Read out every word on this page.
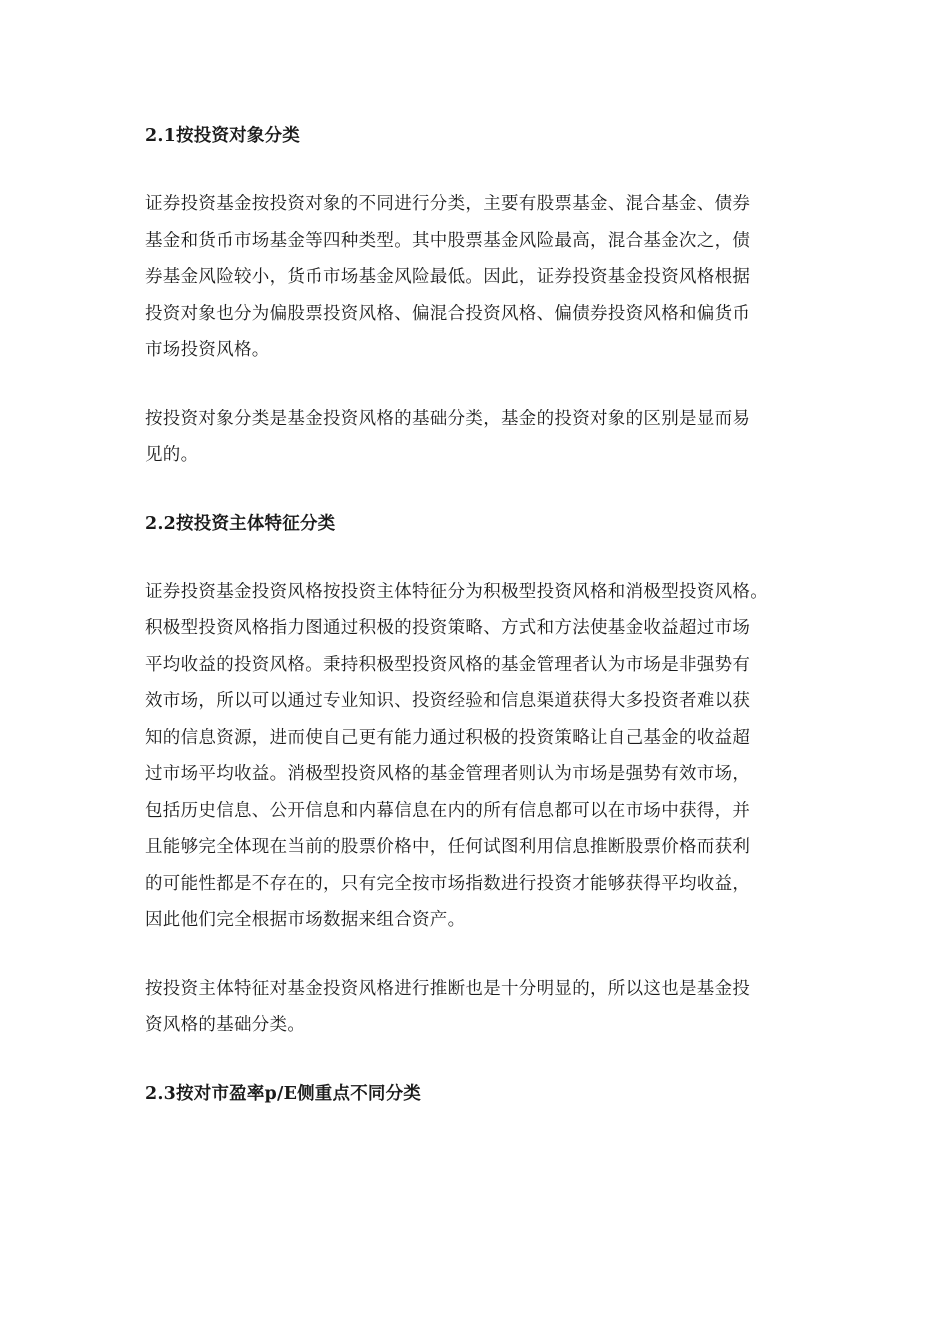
2.1按投资对象分类

证券投资基金按投资对象的不同进行分类，主要有股票基金、混合基金、债券
基金和货币市场基金等四种类型。其中股票基金风险最高，混合基金次之，债
券基金风险较小，货币市场基金风险最低。因此，证券投资基金投资风格根据
投资对象也分为偏股票投资风格、偏混合投资风格、偏债券投资风格和偏货币
市场投资风格。

按投资对象分类是基金投资风格的基础分类，基金的投资对象的区别是显而易
见的。

2.2按投资主体特征分类

证券投资基金投资风格按投资主体特征分为积极型投资风格和消极型投资风格。
积极型投资风格指力图通过积极的投资策略、方式和方法使基金收益超过市场
平均收益的投资风格。秉持积极型投资风格的基金管理者认为市场是非强势有
效市场，所以可以通过专业知识、投资经验和信息渠道获得大多投资者难以获
知的信息资源，进而使自己更有能力通过积极的投资策略让自己基金的收益超
过市场平均收益。消极型投资风格的基金管理者则认为市场是强势有效市场，
包括历史信息、公开信息和内幕信息在内的所有信息都可以在市场中获得，并
且能够完全体现在当前的股票价格中，任何试图利用信息推断股票价格而获利
的可能性都是不存在的，只有完全按市场指数进行投资才能够获得平均收益，
因此他们完全根据市场数据来组合资产。

按投资主体特征对基金投资风格进行推断也是十分明显的，所以这也是基金投
资风格的基础分类。

2.3按对市盈率p/E侧重点不同分类
